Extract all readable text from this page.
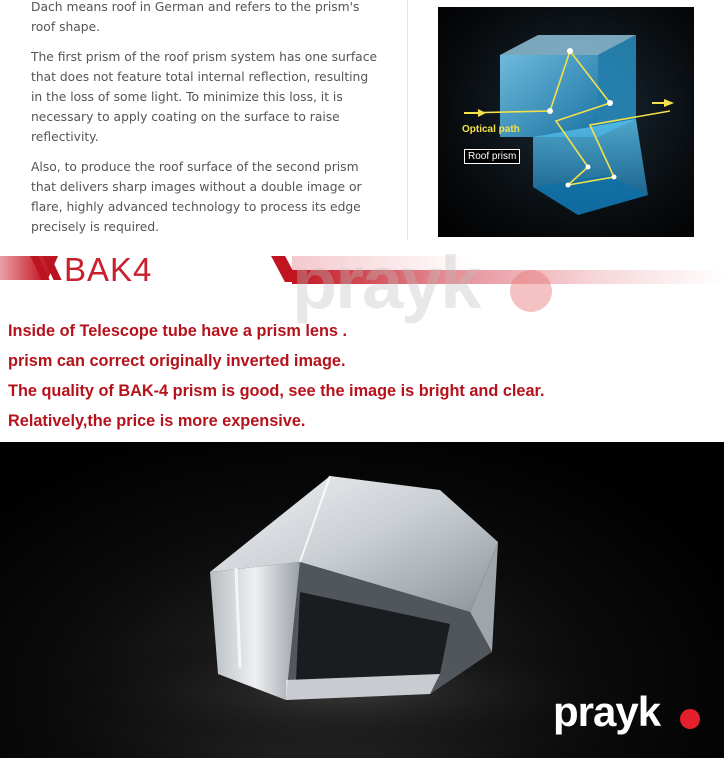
Dach means roof in German and refers to the prism's roof shape.

The first prism of the roof prism system has one surface that does not feature total internal reflection, resulting in the loss of some light. To minimize this loss, it is necessary to apply coating on the surface to raise reflectivity.

Also, to produce the roof surface of the second prism that delivers sharp images without a double image or flare, highly advanced technology to process its edge precisely is required.

Optical path
Roof prism
BAK4 prayk
Inside of Telescope tube have a prism lens .
prism can correct originally inverted image.
The quality of BAK-4 prism is good, see the image is bright and clear.
Relatively,the price is more expensive.
prayk
